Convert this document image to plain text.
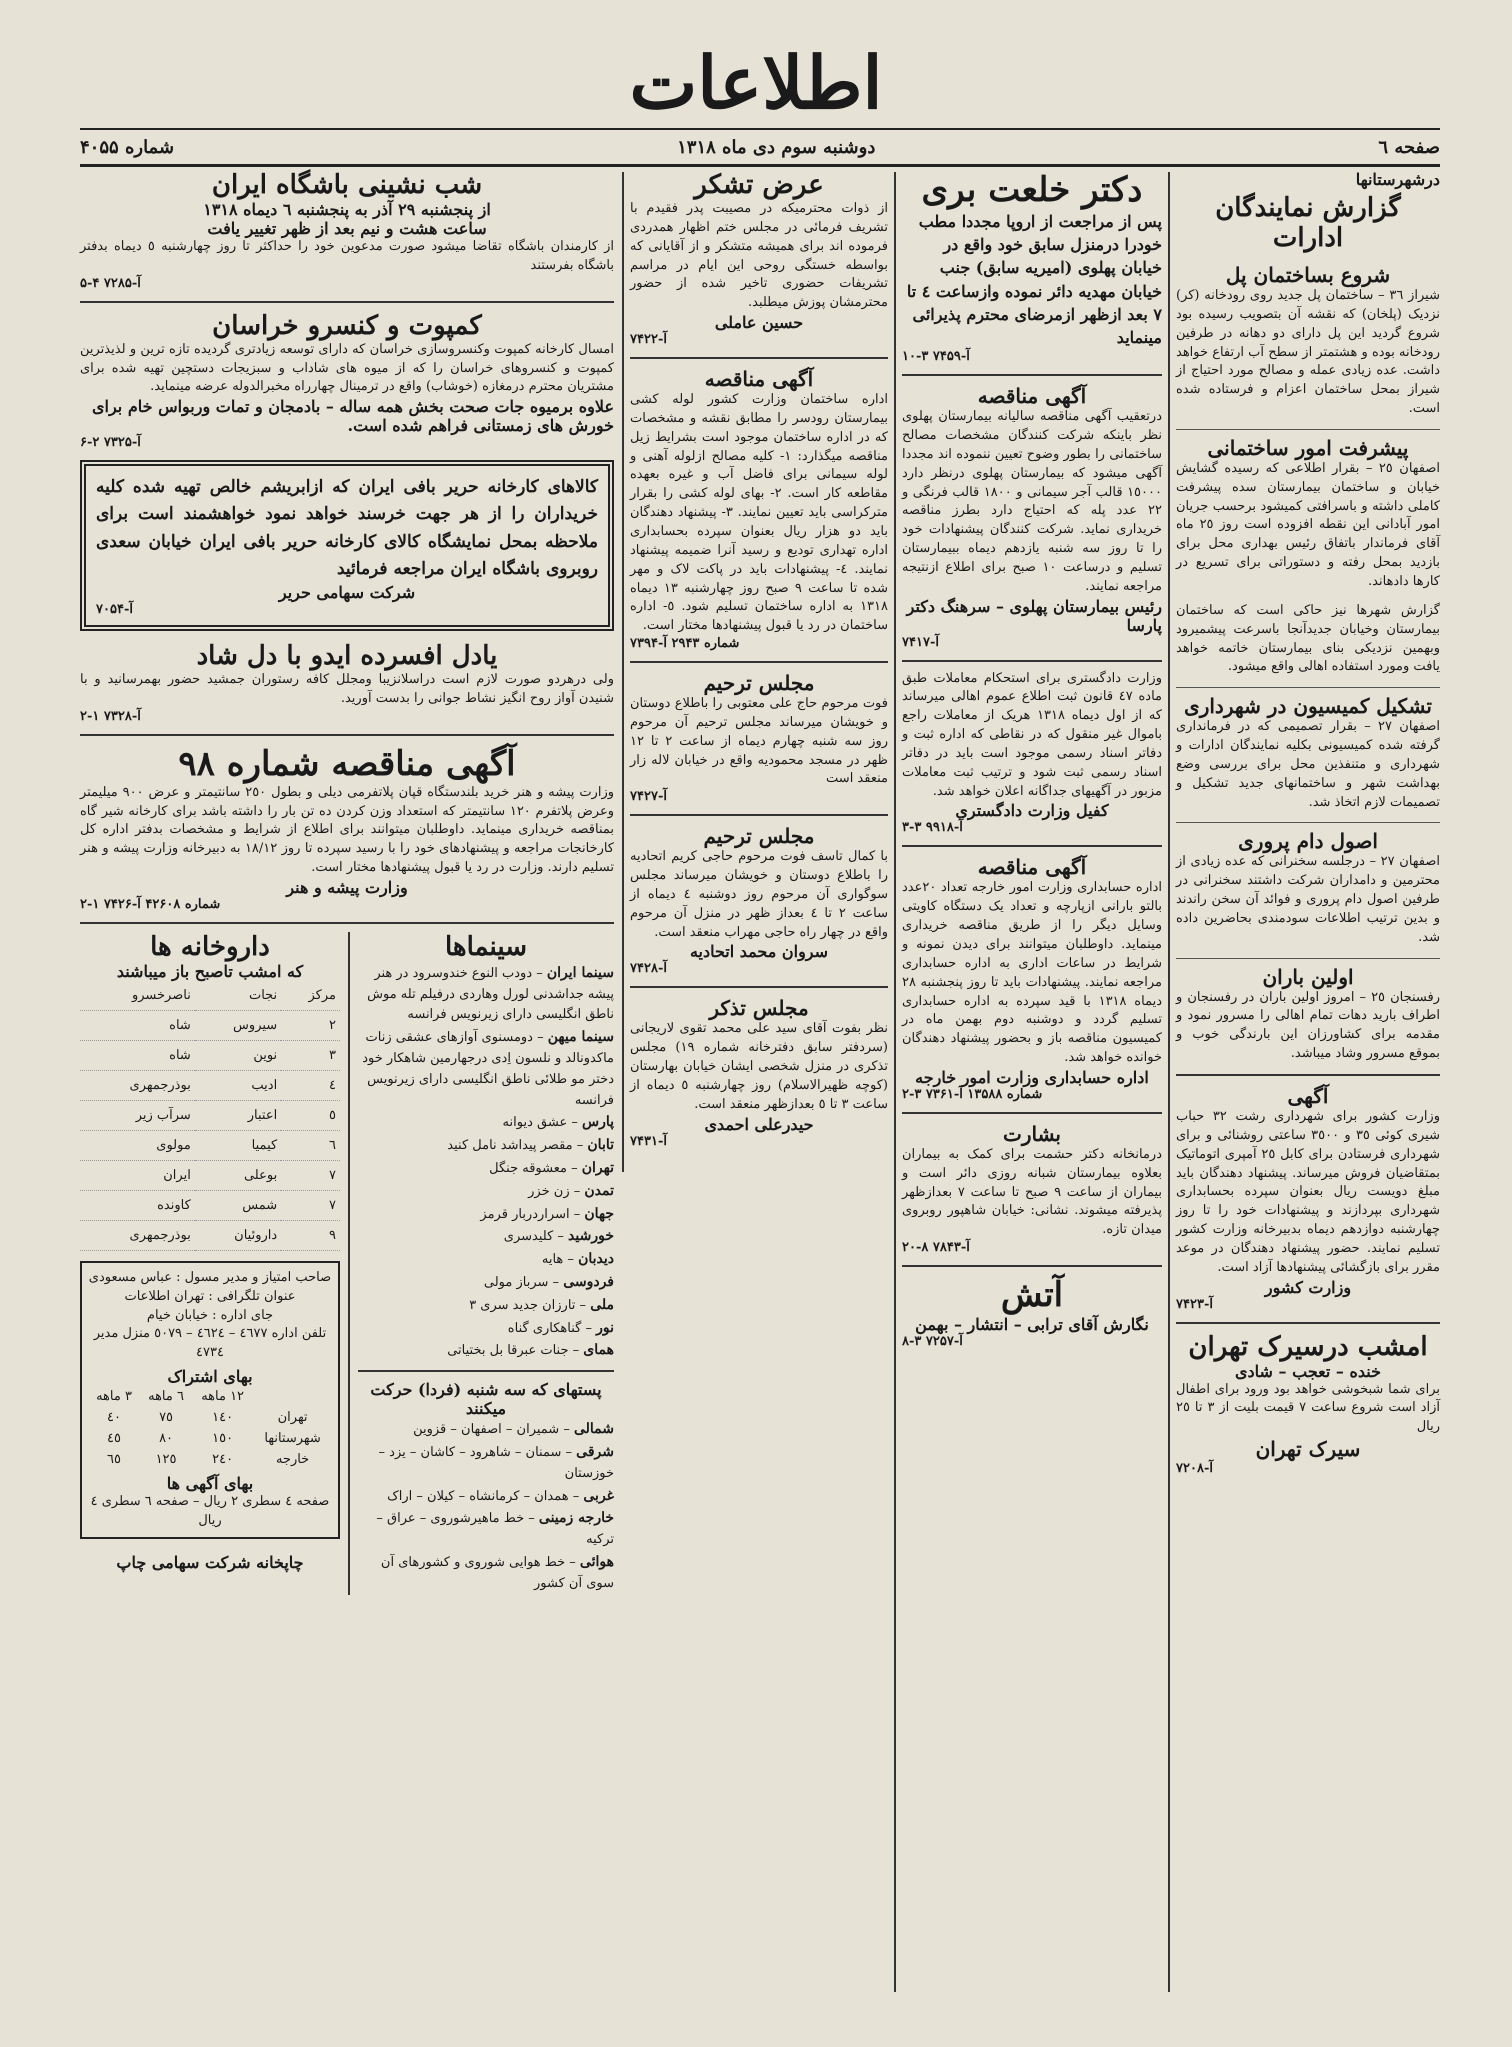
اطلاعات
صفحه ٦
دوشنبه سوم دی ماه ۱۳۱۸
شماره ۴۰۵۵
درشهرستانها
گزارش نمایندگان ادارات
شروع بساختمان پل
شیراز ٣٦ – ساختمان پل جدید روی رودخانه (کر) نزدیک (پلخان) که نقشه آن بتصویب رسیده بود شروع گردید این پل دارای دو دهانه در طرفین رودخانه بوده و هشتمتر از سطح آب ارتفاع خواهد داشت. عده زیادی عمله و مصالح مورد احتیاج از شیراز بمحل ساختمان اعزام و فرستاده شده است.
پیشرفت امور ساختمانی
اصفهان ٢٥ – بقرار اطلاعی که رسیده گشایش خیابان و ساختمان بیمارستان سده پیشرفت کاملی داشته و باسرافتی کمیشود برحسب جریان امور آبادانی این نقطه افزوده است روز ٢٥ ماه آقای فرماندار باتفاق رئیس بهداری محل برای بازدید بمحل رفته و دستوراتی برای تسریع در کارها دادهاند.
گزارش شهرها نیز حاکی است که ساختمان بیمارستان وخیابان جدیدآنجا باسرعت پیشمیرود وبهمین نزدیکی بنای بیمارستان خاتمه خواهد یافت ومورد استفاده اهالی واقع میشود.
تشکیل کمیسیون در شهرداری
اصفهان ٢٧ – بقرار تصمیمی که در فرمانداری گرفته شده کمیسیونی بکلیه نمایندگان ادارات و شهرداری و متنفذین محل برای بررسی وضع بهداشت شهر و ساختمانهای جدید تشکیل و تصمیمات لازم اتخاذ شد.
اصول دام پروری
اصفهان ٢٧ – درجلسه سخنرانی که عده زیادی از محترمین و دامداران شرکت داشتند سخنرانی در طرفین اصول دام پروری و فوائد آن سخن راندند و بدین ترتیب اطلاعات سودمندی بحاضرین داده شد.
اولین باران
رفسنجان ٢٥ – امروز اولین باران در رفسنجان و اطراف بارید دهات تمام اهالی را مسرور نمود و مقدمه برای کشاورزان این بارندگی خوب و بموقع مسرور وشاد میباشد.
آگهی
وزارت کشور برای شهرداری رشت ٣٢ حباب شیری کوئی ٣٥ و ٣٥٠٠ ساعتی روشنائی و برای شهرداری فرستادن برای کابل ٢٥ آمپری اتوماتیک بمتقاضیان فروش میرساند. پیشنهاد دهندگان باید مبلغ دویست ریال بعنوان سپرده بحسابداری شهرداری بپردازند و پیشنهادات خود را تا روز چهارشنبه دوازدهم دیماه بدبیرخانه وزارت کشور تسلیم نمایند. حضور پیشنهاد دهندگان در موعد مقرر برای بازگشائی پیشنهادها آزاد است.
وزارت کشور
آ-۷۴۲۳
امشب درسیرک تهران
خنده – تعجب – شادی
برای شما شبخوشی خواهد بود ورود برای اطفال آزاد است شروع ساعت ٧ قیمت بلیت از ٣ تا ٢٥ ریال
سیرک تهران
آ-۷۲۰۸
دکتر خلعت بری
پس از مراجعت از اروپا مجددا مطب خودرا درمنزل سابق خود واقع در خیابان پهلوی (امیریه سابق) جنب خیابان مهدیه دائر نموده وازساعت ٤ تا ٧ بعد ازظهر ازمرضای محترم پذیرائی مینماید
آ-۷۴۵۹ ۳-۱۰
آگهی مناقصه
درتعقیب آگهی مناقصه سالیانه بیمارستان پهلوی نظر باینکه شرکت کنندگان مشخصات مصالح ساختمانی را بطور وضوح تعیین ننموده اند مجددا آگهی میشود که بیمارستان پهلوی درنظر دارد ١٥٠٠٠ قالب آجر سیمانی و ١٨٠٠ قالب فرنگی و ٢٢ عدد پله که احتیاج دارد بطرز مناقصه خریداری نماید. شرکت کنندگان پیشنهادات خود را تا روز سه شنبه یازدهم دیماه ببیمارستان تسلیم و درساعت ١٠ صبح برای اطلاع ازنتیجه مراجعه نمایند.
رئیس بیمارستان پهلوی – سرهنگ دکتر پارسا
آ-۷۴۱۷
وزارت دادگستری برای استحکام معاملات طبق ماده ٤٧ قانون ثبت اطلاع عموم اهالی میرساند که از اول دیماه ١٣١٨ هریک از معاملات راجع باموال غیر منقول که در نقاطی که اداره ثبت و دفاتر اسناد رسمی موجود است باید در دفاتر اسناد رسمی ثبت شود و ترتیب ثبت معاملات مزبور در آگهیهای جداگانه اعلان خواهد شد.
کفیل وزارت دادگستری
آ-۹۹۱۸ ۳-۳
آگهی مناقصه
اداره حسابداری وزارت امور خارجه تعداد ٢٠عدد بالتو بارانی ازپارچه و تعداد یک دستگاه کاویتی وسایل دیگر را از طریق مناقصه خریداری مینماید. داوطلبان میتوانند برای دیدن نمونه و شرایط در ساعات اداری به اداره حسابداری مراجعه نمایند. پیشنهادات باید تا روز پنجشنبه ٢٨ دیماه ١٣١٨ با قید سپرده به اداره حسابداری تسلیم گردد و دوشنبه دوم بهمن ماه در کمیسیون مناقصه باز و بحضور پیشنهاد دهندگان خوانده خواهد شد.
اداره حسابداری وزارت امور خارجه
شماره ۱۳۵۸۸ آ-۷۳۶۱ ۳-۲
بشارت
درمانخانه دکتر حشمت برای کمک به بیماران بعلاوه بیمارستان شبانه روزی دائر است و بیماران از ساعت ٩ صبح تا ساعت ٧ بعدازظهر پذیرفته میشوند. نشانی: خیابان شاهپور روبروی میدان تازه.
آ-۷۸۴۳ ۸-۲۰
آتش
نگارش آقای ترابی – انتشار – بهمن
آ-۷۲۵۷ ۳-۸
عرض تشکر
از ذوات محترمیکه در مصیبت پدر فقیدم با تشریف فرمائی در مجلس ختم اظهار همدردی فرموده اند برای همیشه متشکر و از آقایانی که بواسطه خستگی روحی این ایام در مراسم تشریفات حضوری تاخیر شده از حضور محترمشان پوزش میطلبد.
حسین عاملی
آ-۷۴۲۲
آگهی مناقصه
اداره ساختمان وزارت کشور لوله کشی بیمارستان رودسر را مطابق نقشه و مشخصات که در اداره ساختمان موجود است بشرایط زیل مناقصه میگذارد: ١- کلیه مصالح ازلوله آهنی و لوله سیمانی برای فاضل آب و غیره بعهده مقاطعه کار است. ٢- بهای لوله کشی را بقرار مترکراسی باید تعیین نمایند. ٣- پیشنهاد دهندگان باید دو هزار ریال بعنوان سپرده بحسابداری اداره تهداری تودیع و رسید آنرا ضمیمه پیشنهاد نمایند. ٤- پیشنهادات باید در پاکت لاک و مهر شده تا ساعت ٩ صبح روز چهارشنبه ١٣ دیماه ١٣١٨ به اداره ساختمان تسلیم شود. ٥- اداره ساختمان در رد یا قبول پیشنهادها مختار است.
شماره ۲۹۴۳ آ-۷۳۹۴
مجلس ترحیم
فوت مرحوم حاج علی معتوبی را باطلاع دوستان و خویشان میرساند مجلس ترحیم آن مرحوم روز سه شنبه چهارم دیماه از ساعت ٢ تا ١٢ ظهر در مسجد محمودیه واقع در خیابان لاله زار منعقد است
آ-۷۴۲۷
مجلس ترحیم
با کمال تاسف فوت مرحوم حاجی کریم اتحادیه را باطلاع دوستان و خویشان میرساند مجلس سوگواری آن مرحوم روز دوشنبه ٤ دیماه از ساعت ٢ تا ٤ بعداز ظهر در منزل آن مرحوم واقع در چهار راه حاجی مهراب منعقد است.
سروان محمد اتحادیه
آ-۷۴۲۸
مجلس تذکر
نظر بفوت آقای سید علی محمد تقوی لاریجانی (سردفتر سابق دفترخانه شماره ١٩) مجلس تذکری در منزل شخصی ایشان خیابان بهارستان (کوچه ظهیرالاسلام) روز چهارشنبه ٥ دیماه از ساعت ٣ تا ٥ بعدازظهر منعقد است.
حیدرعلی احمدی
آ-۷۴۳۱
شب نشینی باشگاه ایران
از پنجشنبه ٢٩ آذر به پنجشنبه ٦ دیماه ١٣١٨
ساعت هشت و نیم بعد از ظهر تغییر یافت
از کارمندان باشگاه تقاضا میشود صورت مدعوین خود را حداکثر تا روز چهارشنبه ٥ دیماه بدفتر باشگاه بفرستند
آ-۷۲۸۵ ۴-۵
کمپوت و کنسرو خراسان
امسال کارخانه کمپوت وکنسروسازی خراسان که دارای توسعه زیادتری گردیده تازه ترین و لذیذترین کمپوت و کنسروهای خراسان را که از میوه های شاداب و سبزیجات دستچین تهیه شده برای مشتریان محترم درمغازه (خوشاب) واقع در ترمینال چهارراه مخبرالدوله عرضه مینماید.
علاوه برمیوه جات صحت بخش همه ساله – بادمجان و تمات وربواس خام برای خورش های زمستانی فراهم شده است.
آ-۷۳۲۵ ۲-۶
کالاهای کارخانه حریر بافی ایران که ازابریشم خالص تهیه شده کلیه خریداران را از هر جهت خرسند خواهد نمود خواهشمند است برای ملاحظه بمحل نمایشگاه کالای کارخانه حریر بافی ایران خیابان سعدی روبروی باشگاه ایران مراجعه فرمائید
شرکت سهامی حریر
آ-۷۰۵۴
یادل افسرده ایدو با دل شاد
ولی درهردو صورت لازم است دراسلانزیبا ومجلل کافه رستوران جمشید حضور بهمرسانید و با شنیدن آواز روح انگیز نشاط جوانی را بدست آورید.
آ-۷۳۲۸ ۱-۲
آگهی مناقصه شماره ۹۸
وزارت پیشه و هنر خرید بلندستگاه قپان پلاتفرمی دیلی و بطول ٢٥٠ سانتیمتر و عرض ٩٠٠ میلیمتر وعرض پلاتفرم ١٢٠ سانتیمتر که استعداد وزن کردن ده تن بار را داشته باشد برای کارخانه شیر گاه بمناقصه خریداری مینماید. داوطلبان میتوانند برای اطلاع از شرایط و مشخصات بدفتر اداره کل کارخانجات مراجعه و پیشنهادهای خود را با رسید سپرده تا روز ١٨/١٢ به دبیرخانه وزارت پیشه و هنر تسلیم دارند. وزارت در رد یا قبول پیشنهادها مختار است.
وزارت پیشه و هنر
شماره ۴۲۶۰۸ آ-۷۴۲۶ ۱-۲
سینماها
سینما ایران – دودب النوع خندوسرود در هنر پیشه جداشدنی لورل وهاردی درفیلم تله موش ناطق انگلیسی دارای زیرنویس فرانسه
سینما میهن – دومسنوی آوازهای عشقی زنات ماکدونالد و نلسون اِدی درجهارمین شاهکار خود دختر مو طلائی ناطق انگلیسی دارای زیرنویس فرانسه
پارس – عشق دیوانه
تابان – مقصر پیداشد نامل کنید
تهران – معشوقه جنگل
تمدن – زن خزر
جهان – اسراردربار قرمز
خورشید – کلیدسری
دیدبان – هایه
فردوسی – سرباز مولی
ملی – تارزان جدید سری ٣
نور – گناهکاری گناه
همای – جنات عبرقا بل بختیاتی
پستهای که سه شنبه (فردا) حرکت میکنند
شمالی – شمیران – اصفهان – قزوین
شرقی – سمنان – شاهرود – کاشان – یزد – خوزستان
غربی – همدان – کرمانشاه – کیلان – اراک
خارجه زمینی – خط ماهیرشوروی – عراق – ترکیه
هوائی – خط هوایی شوروی و کشورهای آن سوی آن کشور
داروخانه ها
که امشب تاصبح باز میباشند
مرکز	نجات	ناصرخسرو
٢	سیروس	شاه
٣	نوین	شاه
٤	ادیب	بوذرجمهری
٥	اعتبار	سرآب زیر
٦	کیمیا	مولوی
٧	بوعلی	ایران
٧	شمس	کاونده
٩	داروئیان	بوذرجمهری
صاحب امتیاز و مدیر مسول : عباس مسعودی
عنوان تلگرافی : تهران اطلاعات
جای اداره : خیابان خیام
تلفن اداره ٤٦٧٧ – ٤٦٢٤ – ٥٠٧٩ منزل مدیر ٤٧٣٤
بهای اشتراک
	١٢ ماهه	٦ ماهه	٣ ماهه
تهران	١٤٠	٧٥	٤٠
شهرستانها	١٥٠	٨٠	٤٥
خارجه	٢٤٠	١٢٥	٦٥
بهای آگهی ها
صفحه ٤ سطری ٢ ریال – صفحه ٦ سطری ٤ ریال
چاپخانه شرکت سهامی چاپ
